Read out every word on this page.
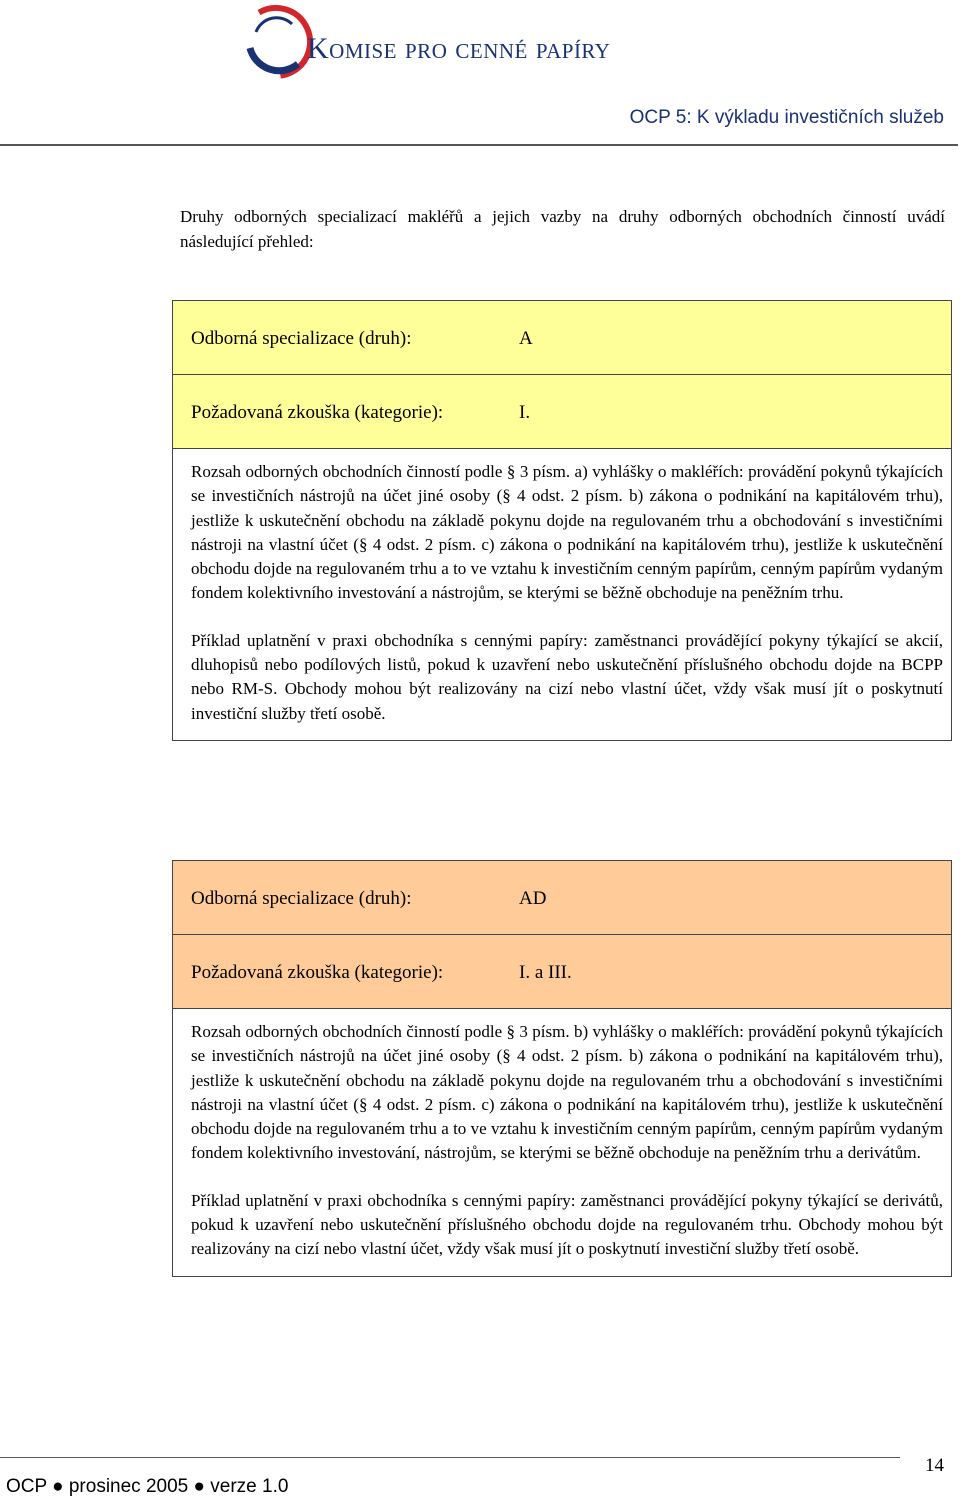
Komise pro cenné papíry
OCP 5: K výkladu investičních služeb
Druhy odborných specializací makléřů a jejich vazby na druhy odborných obchodních činností uvádí následující přehled:
Odborná specializace (druh):	A
Požadovaná zkouška (kategorie):	I.

Rozsah odborných obchodních činností podle § 3 písm. a) vyhlášky o makléřích: provádění pokynů týkajících se investičních nástrojů na účet jiné osoby (§ 4 odst. 2 písm. b) zákona o podnikání na kapitálovém trhu), jestliže k uskutečnění obchodu na základě pokynu dojde na regulovaném trhu a obchodování s investičními nástroji na vlastní účet (§ 4 odst. 2 písm. c) zákona o podnikání na kapitálovém trhu), jestliže k uskutečnění obchodu dojde na regulovaném trhu a to ve vztahu k investičním cenným papírům, cenným papírům vydaným fondem kolektivního investování a nástrojům, se kterými se běžně obchoduje na peněžním trhu.

Příklad uplatnění v praxi obchodníka s cennými papíry: zaměstnanci provádějící pokyny týkající se akcií, dluhopisů nebo podílových listů, pokud k uzavření nebo uskutečnění příslušného obchodu dojde na BCPP nebo RM-S. Obchody mohou být realizovány na cizí nebo vlastní účet, vždy však musí jít o poskytnutí investiční služby třetí osobě.

Odborná specializace (druh):	AD
Požadovaná zkouška (kategorie):	I. a III.

Rozsah odborných obchodních činností podle § 3 písm. b) vyhlášky o makléřích: provádění pokynů týkajících se investičních nástrojů na účet jiné osoby (§ 4 odst. 2 písm. b) zákona o podnikání na kapitálovém trhu), jestliže k uskutečnění obchodu na základě pokynu dojde na regulovaném trhu a obchodování s investičními nástroji na vlastní účet (§ 4 odst. 2 písm. c) zákona o podnikání na kapitálovém trhu), jestliže k uskutečnění obchodu dojde na regulovaném trhu a to ve vztahu k investičním cenným papírům, cenným papírům vydaným fondem kolektivního investování, nástrojům, se kterými se běžně obchoduje na peněžním trhu a derivátům.

Příklad uplatnění v praxi obchodníka s cennými papíry: zaměstnanci provádějící pokyny týkající se derivátů, pokud k uzavření nebo uskutečnění příslušného obchodu dojde na regulovaném trhu. Obchody mohou být realizovány na cizí nebo vlastní účet, vždy však musí jít o poskytnutí investiční služby třetí osobě.

OCP ● prosinec 2005 ● verze 1.0
14
